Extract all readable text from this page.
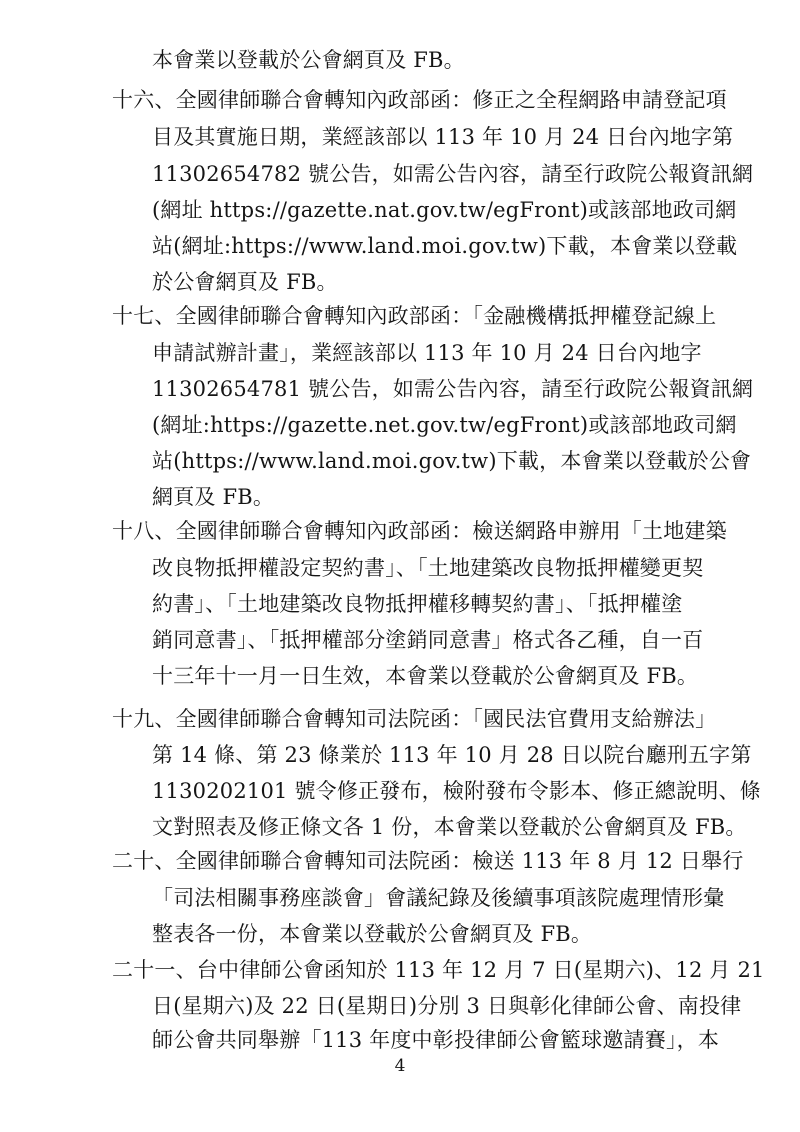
本會業以登載於公會網頁及 FB。
十六、全國律師聯合會轉知內政部函：修正之全程網路申請登記項
目及其實施日期，業經該部以 113 年 10 月 24 日台內地字第
11302654782 號公告，如需公告內容，請至行政院公報資訊網
(網址 https://gazette.nat.gov.tw/egFront)或該部地政司網
站(網址:https://www.land.moi.gov.tw)下載，本會業以登載
於公會網頁及 FB。
十七、全國律師聯合會轉知內政部函：「金融機構抵押權登記線上
申請試辦計畫」，業經該部以 113 年 10 月 24 日台內地字
11302654781 號公告，如需公告內容，請至行政院公報資訊網
(網址:https://gazette.net.gov.tw/egFront)或該部地政司網
站(https://www.land.moi.gov.tw)下載，本會業以登載於公會
網頁及 FB。
十八、全國律師聯合會轉知內政部函：檢送網路申辦用「土地建築
改良物抵押權設定契約書」、「土地建築改良物抵押權變更契
約書」、「土地建築改良物抵押權移轉契約書」、「抵押權塗
銷同意書」、「抵押權部分塗銷同意書」格式各乙種，自一百
十三年十一月一日生效，本會業以登載於公會網頁及 FB。
十九、全國律師聯合會轉知司法院函：「國民法官費用支給辦法」
第 14 條、第 23 條業於 113 年 10 月 28 日以院台廳刑五字第
1130202101 號令修正發布，檢附發布令影本、修正總說明、條
文對照表及修正條文各 1 份，本會業以登載於公會網頁及 FB。
二十、全國律師聯合會轉知司法院函：檢送 113 年 8 月 12 日舉行
「司法相關事務座談會」會議紀錄及後續事項該院處理情形彙
整表各一份，本會業以登載於公會網頁及 FB。
二十一、台中律師公會函知於 113 年 12 月 7 日(星期六)、12 月 21
日(星期六)及 22 日(星期日)分別 3 日與彰化律師公會、南投律
師公會共同舉辦「113 年度中彰投律師公會籃球邀請賽」，本
4
